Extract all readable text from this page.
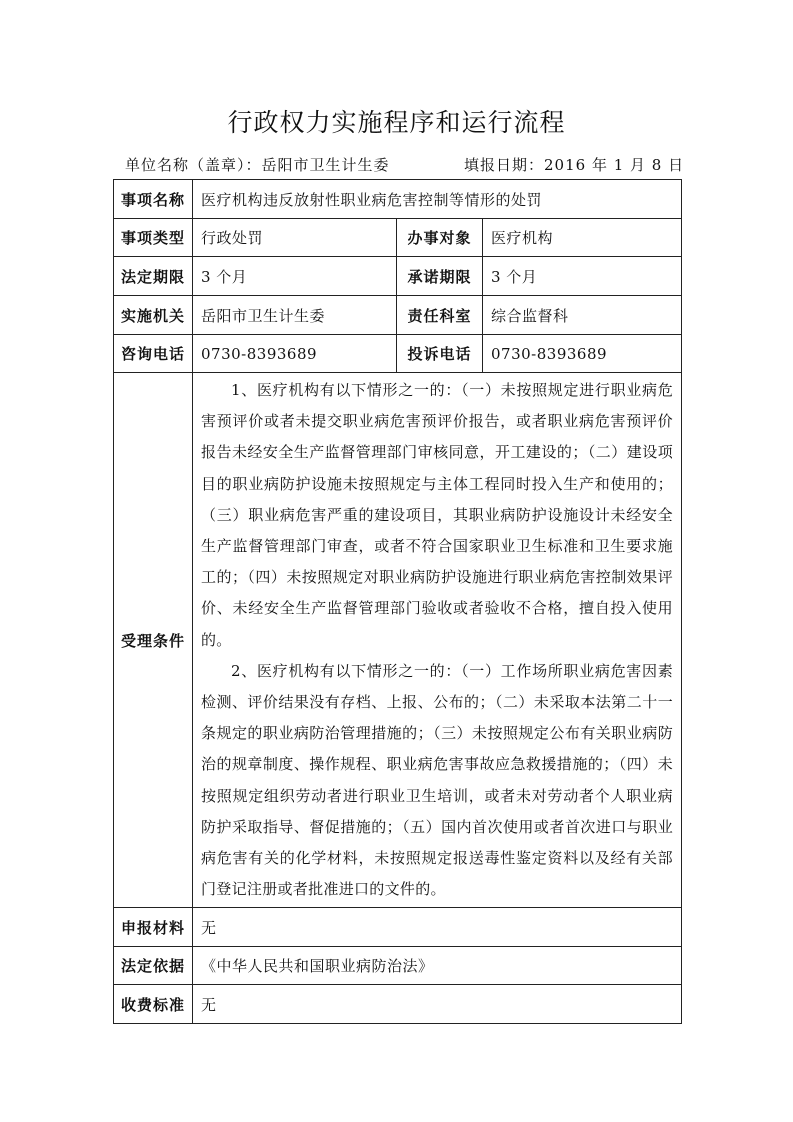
行政权力实施程序和运行流程
单位名称（盖章）：岳阳市卫生计生委	填报日期：2016 年 1 月 8 日
事项名称	医疗机构违反放射性职业病危害控制等情形的处罚		
事项类型	行政处罚	办事对象	医疗机构
法定期限	3 个月	承诺期限	3 个月
实施机关	岳阳市卫生计生委	责任科室	综合监督科
咨询电话	0730-8393689	投诉电话	0730-8393689
受理条件	1、医疗机构有以下情形之一的：（一）未按照规定进行职业病危害预评价或者未提交职业病危害预评价报告，或者职业病危害预评价报告未经安全生产监督管理部门审核同意，开工建设的；（二）建设项目的职业病防护设施未按照规定与主体工程同时投入生产和使用的；（三）职业病危害严重的建设项目，其职业病防护设施设计未经安全生产监督管理部门审查，或者不符合国家职业卫生标准和卫生要求施工的；（四）未按照规定对职业病防护设施进行职业病危害控制效果评价、未经安全生产监督管理部门验收或者验收不合格，擅自投入使用的。

2、医疗机构有以下情形之一的：（一）工作场所职业病危害因素检测、评价结果没有存档、上报、公布的；（二）未采取本法第二十一条规定的职业病防治管理措施的；（三）未按照规定公布有关职业病防治的规章制度、操作规程、职业病危害事故应急救援措施的；（四）未按照规定组织劳动者进行职业卫生培训，或者未对劳动者个人职业病防护采取指导、督促措施的；（五）国内首次使用或者首次进口与职业病危害有关的化学材料，未按照规定报送毒性鉴定资料以及经有关部门登记注册或者批准进口的文件的。		

申报材料	无		
法定依据	《中华人民共和国职业病防治法》		
收费标准	无		
